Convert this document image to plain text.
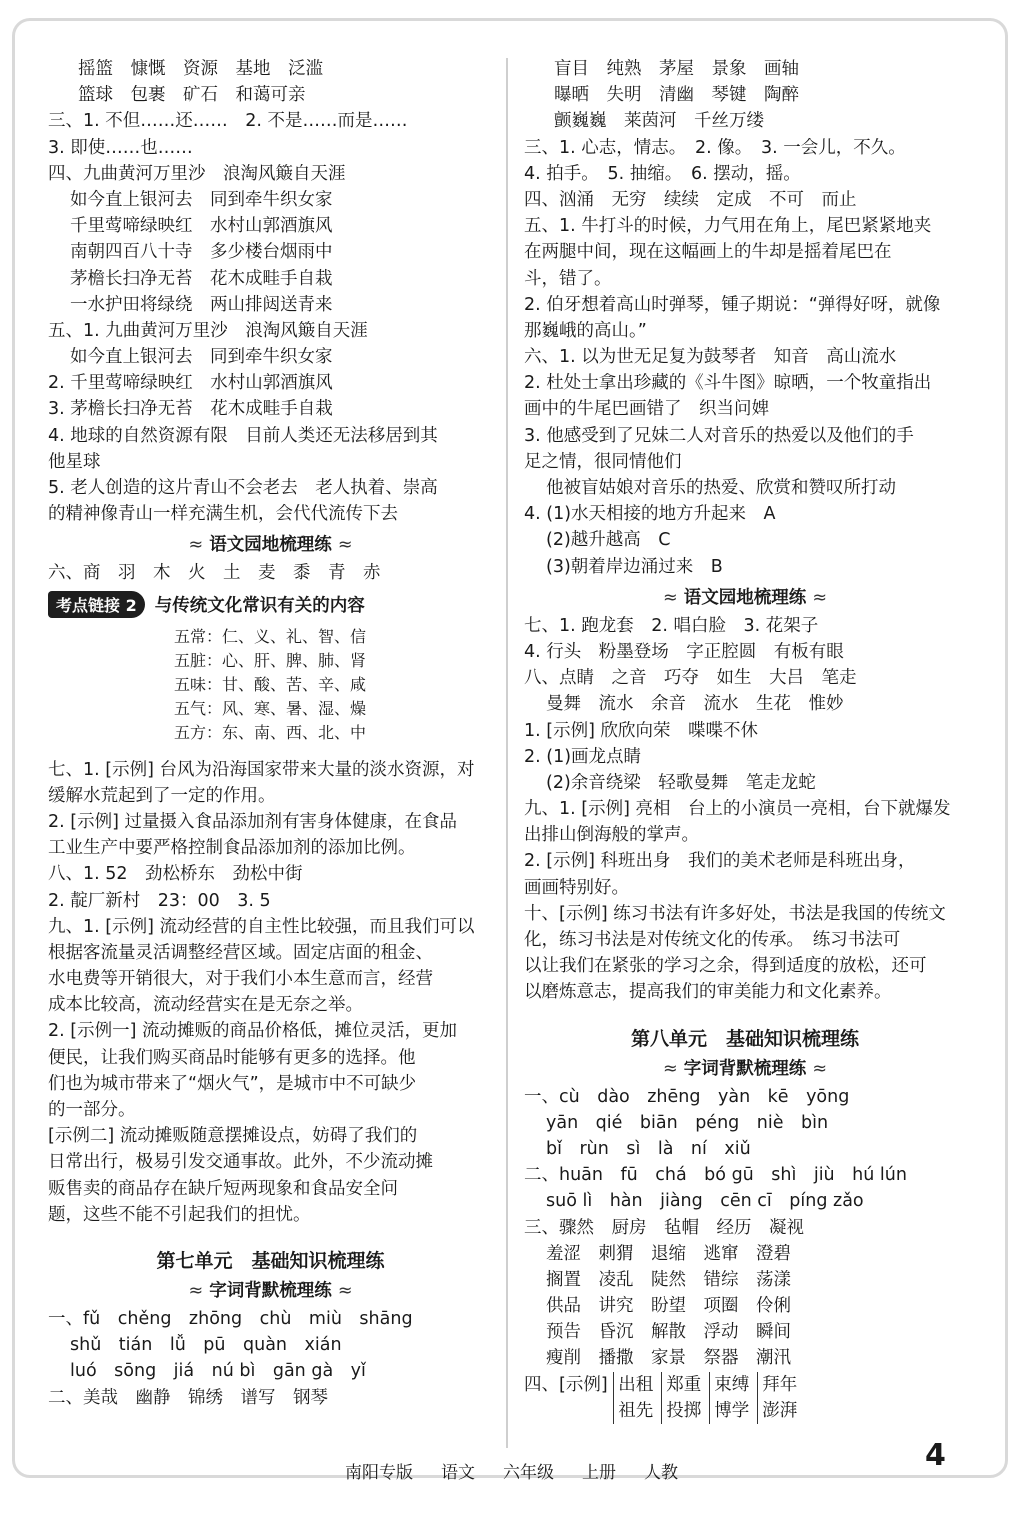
摇篮　慷慨　资源　基地　泛滥
篮球　包裹　矿石　和蔼可亲
三、1. 不但……还……　2. 不是……而是……
3. 即使……也……
四、九曲黄河万里沙　浪淘风簸自天涯
如今直上银河去　同到牵牛织女家
千里莺啼绿映红　水村山郭酒旗风
南朝四百八十寺　多少楼台烟雨中
茅檐长扫净无苔　花木成畦手自栽
一水护田将绿绕　两山排闼送青来
五、1. 九曲黄河万里沙　浪淘风簸自天涯
如今直上银河去　同到牵牛织女家
2. 千里莺啼绿映红　水村山郭酒旗风
3. 茅檐长扫净无苔　花木成畦手自栽
4. 地球的自然资源有限　目前人类还无法移居到其
他星球
5. 老人创造的这片青山不会老去　老人执着、崇高
的精神像青山一样充满生机，会代代流传下去
≈ 语文园地梳理练 ≈
六、商　羽　木　火　土　麦　黍　青　赤
考点链接 2	与传统文化常识有关的内容
五常：仁、义、礼、智、信
五脏：心、肝、脾、肺、肾
五味：甘、酸、苦、辛、咸
五气：风、寒、暑、湿、燥
五方：东、南、西、北、中
七、1. [示例] 台风为沿海国家带来大量的淡水资源，对
缓解水荒起到了一定的作用。
2. [示例] 过量摄入食品添加剂有害身体健康，在食品
工业生产中要严格控制食品添加剂的添加比例。
八、1. 52　劲松桥东　劲松中街
2. 靛厂新村　23：00　3. 5
九、1. [示例] 流动经营的自主性比较强，而且我们可以
根据客流量灵活调整经营区域。固定店面的租金、
水电费等开销很大，对于我们小本生意而言，经营
成本比较高，流动经营实在是无奈之举。
2. [示例一] 流动摊贩的商品价格低，摊位灵活，更加
便民，让我们购买商品时能够有更多的选择。他
们也为城市带来了“烟火气”，是城市中不可缺少
的一部分。
[示例二] 流动摊贩随意摆摊设点，妨碍了我们的
日常出行，极易引发交通事故。此外，不少流动摊
贩售卖的商品存在缺斤短两现象和食品安全问
题，这些不能不引起我们的担忧。
第七单元　基础知识梳理练
≈ 字词背默梳理练 ≈
一、fǔ　chěng　zhōng　chù　miù　shāng
shǔ　tián　lǚ　pū　quàn　xián
luó　sōng　jiá　nú bì　gān gà　yǐ
二、美哉　幽静　锦绣　谱写　钢琴
盲目　纯熟　茅屋　景象　画轴
曝晒　失明　清幽　琴键　陶醉
颤巍巍　莱茵河　千丝万缕
三、1. 心志，情志。　2. 像。　3. 一会儿，不久。
4. 拍手。　5. 抽缩。　6. 摆动，摇。
四、汹涌　无穷　续续　定成　不可　而止
五、1. 牛打斗的时候，力气用在角上，尾巴紧紧地夹
在两腿中间，现在这幅画上的牛却是摇着尾巴在
斗，错了。
2. 伯牙想着高山时弹琴，锺子期说：“弹得好呀，就像
那巍峨的高山。”
六、1. 以为世无足复为鼓琴者　知音　高山流水
2. 杜处士拿出珍藏的《斗牛图》晾晒，一个牧童指出
画中的牛尾巴画错了　织当问婢
3. 他感受到了兄妹二人对音乐的热爱以及他们的手
足之情，很同情他们
他被盲姑娘对音乐的热爱、欣赏和赞叹所打动
4. (1)水天相接的地方升起来　A
(2)越升越高　C
(3)朝着岸边涌过来　B
≈ 语文园地梳理练 ≈
七、1. 跑龙套　2. 唱白脸　3. 花架子
4. 行头　粉墨登场　字正腔圆　有板有眼
八、点睛　之音　巧夺　如生　大吕　笔走
曼舞　流水　余音　流水　生花　惟妙
1. [示例] 欣欣向荣　喋喋不休
2. (1)画龙点睛
(2)余音绕梁　轻歌曼舞　笔走龙蛇
九、1. [示例] 亮相　台上的小演员一亮相，台下就爆发
出排山倒海般的掌声。
2. [示例] 科班出身　我们的美术老师是科班出身，
画画特别好。
十、[示例] 练习书法有许多好处，书法是我国的传统文
化，练习书法是对传统文化的传承。　练习书法可
以让我们在紧张的学习之余，得到适度的放松，还可
以磨炼意志，提高我们的审美能力和文化素养。
第八单元　基础知识梳理练
≈ 字词背默梳理练 ≈
一、cù　dào　zhēng　yàn　kē　yōng
yān　qié　biān　péng　niè　bìn
bǐ　rùn　sì　là　ní　xiǔ
二、huān　fū　chá　bó gū　shì　jiù　hú lún
suō lì　hàn　jiàng　cēn cī　píng zǎo
三、骤然　厨房　毡帽　经历　凝视
羞涩　刺猬　退缩　逃窜　澄碧
搁置　凌乱　陡然　错综　荡漾
供品　讲究　盼望　项圈　伶俐
预告　昏沉　解散　浮动　瞬间
瘦削　播撒　家景　祭器　潮汛
四、[示例] 出租
祖先
郑重
投掷
束缚
博学
拜年
澎湃
南阳专版 语文 六年级 上册 人教	4
